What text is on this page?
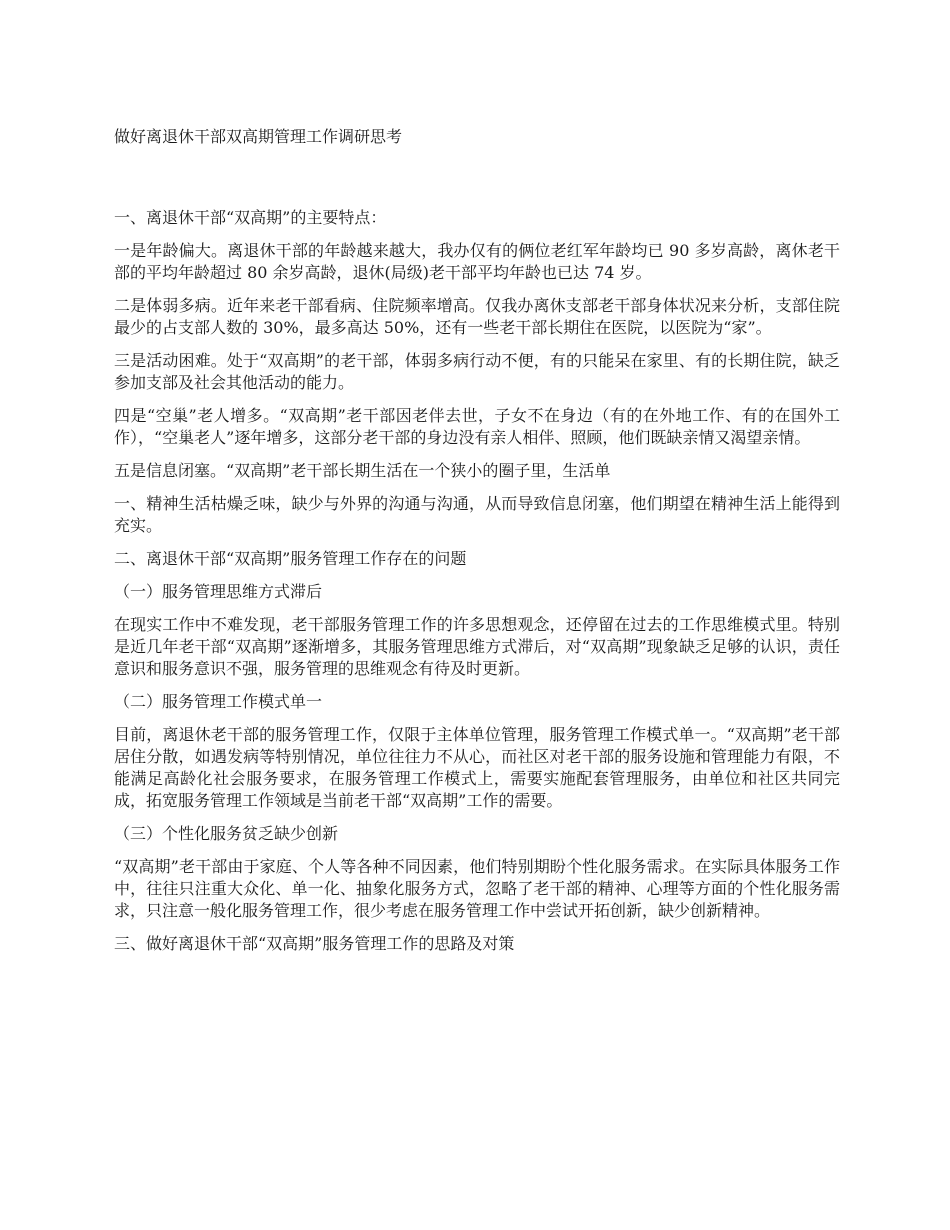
做好离退休干部双高期管理工作调研思考

一、离退休干部“双高期”的主要特点：

一是年龄偏大。离退休干部的年龄越来越大，我办仅有的俩位老红军年龄均已 90 多岁高龄，离休老干部的平均年龄超过 80 余岁高龄，退休(局级)老干部平均年龄也已达 74 岁。

二是体弱多病。近年来老干部看病、住院频率增高。仅我办离休支部老干部身体状况来分析，支部住院最少的占支部人数的 30%，最多高达 50%，还有一些老干部长期住在医院，以医院为“家”。

三是活动困难。处于“双高期”的老干部，体弱多病行动不便，有的只能呆在家里、有的长期住院，缺乏参加支部及社会其他活动的能力。

四是“空巢”老人增多。“双高期”老干部因老伴去世，子女不在身边（有的在外地工作、有的在国外工作），“空巢老人”逐年增多，这部分老干部的身边没有亲人相伴、照顾，他们既缺亲情又渴望亲情。

五是信息闭塞。“双高期”老干部长期生活在一个狭小的圈子里，生活单

一、精神生活枯燥乏味，缺少与外界的沟通与沟通，从而导致信息闭塞，他们期望在精神生活上能得到充实。

二、离退休干部“双高期”服务管理工作存在的问题

（一）服务管理思维方式滞后

在现实工作中不难发现，老干部服务管理工作的许多思想观念，还停留在过去的工作思维模式里。特别是近几年老干部“双高期”逐渐增多，其服务管理思维方式滞后，对“双高期”现象缺乏足够的认识，责任意识和服务意识不强，服务管理的思维观念有待及时更新。

（二）服务管理工作模式单一

目前，离退休老干部的服务管理工作，仅限于主体单位管理，服务管理工作模式单一。“双高期”老干部居住分散，如遇发病等特别情况，单位往往力不从心，而社区对老干部的服务设施和管理能力有限，不能满足高龄化社会服务要求，在服务管理工作模式上，需要实施配套管理服务，由单位和社区共同完成，拓宽服务管理工作领域是当前老干部“双高期”工作的需要。

（三）个性化服务贫乏缺少创新

“双高期”老干部由于家庭、个人等各种不同因素，他们特别期盼个性化服务需求。在实际具体服务工作中，往往只注重大众化、单一化、抽象化服务方式，忽略了老干部的精神、心理等方面的个性化服务需求，只注意一般化服务管理工作，很少考虑在服务管理工作中尝试开拓创新，缺少创新精神。

三、做好离退休干部“双高期”服务管理工作的思路及对策
